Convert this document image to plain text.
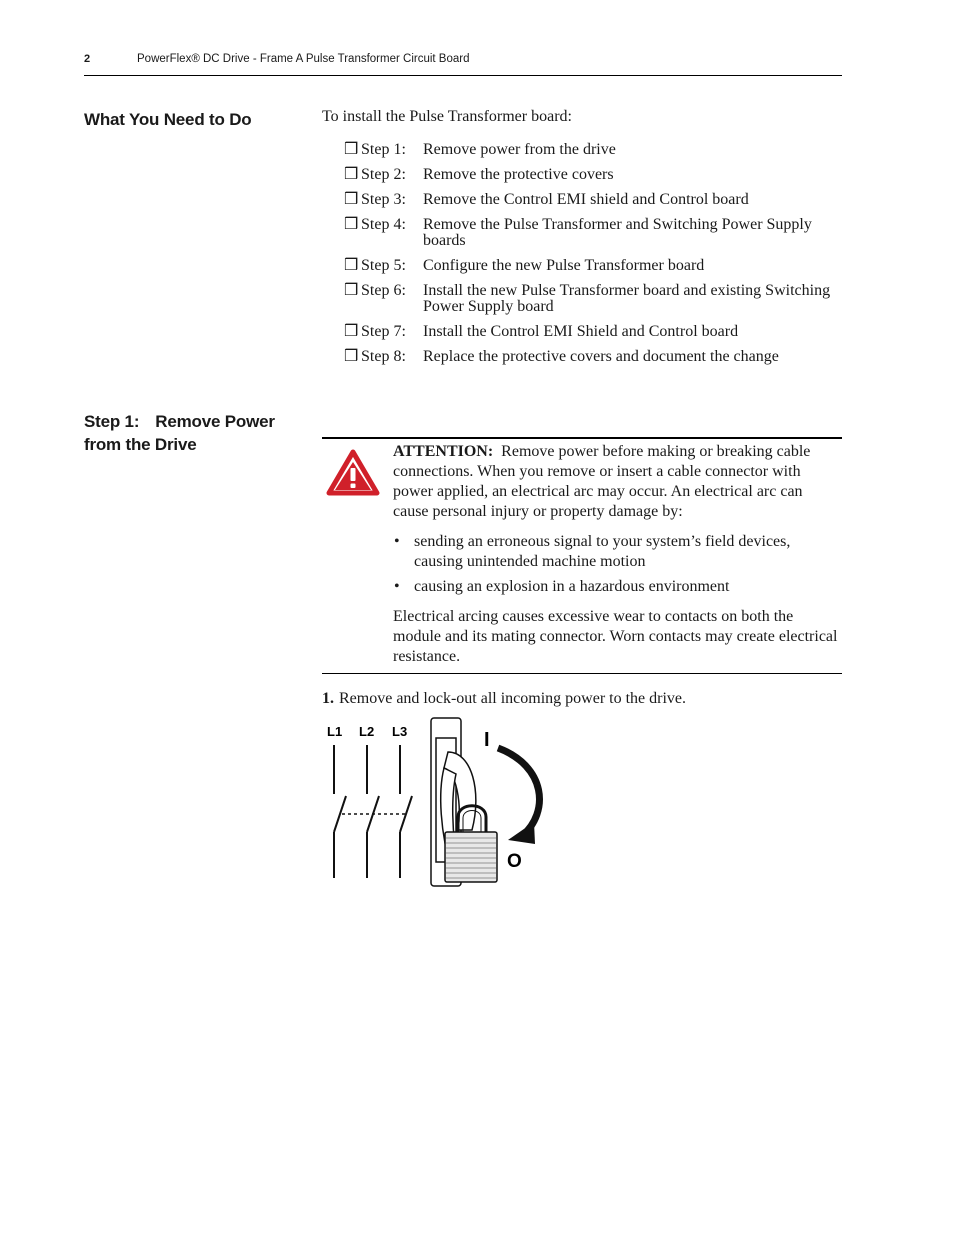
2	PowerFlex® DC Drive - Frame A Pulse Transformer Circuit Board
What You Need to Do	To install the Pulse Transformer board:
❒ Step 1: Remove power from the drive
❒ Step 2: Remove the protective covers
❒ Step 3: Remove the Control EMI shield and Control board
❒ Step 4: Remove the Pulse Transformer and Switching Power Supply boards
❒ Step 5: Configure the new Pulse Transformer board
❒ Step 6: Install the new Pulse Transformer board and existing Switching Power Supply board
❒ Step 7: Install the Control EMI Shield and Control board
❒ Step 8: Replace the protective covers and document the change
Step 1: Remove Power
from the Drive	ATTENTION: Remove power before making or breaking cable connections. When you remove or insert a cable connector with power applied, an electrical arc may occur. An electrical arc can cause personal injury or property damage by:

• sending an erroneous signal to your system’s field devices, causing unintended machine motion
• causing an explosion in a hazardous environment

Electrical arcing causes excessive wear to contacts on both the module and its mating connector. Worn contacts may create electrical resistance.

1. Remove and lock-out all incoming power to the drive.
L1 L2 L3	I
O
